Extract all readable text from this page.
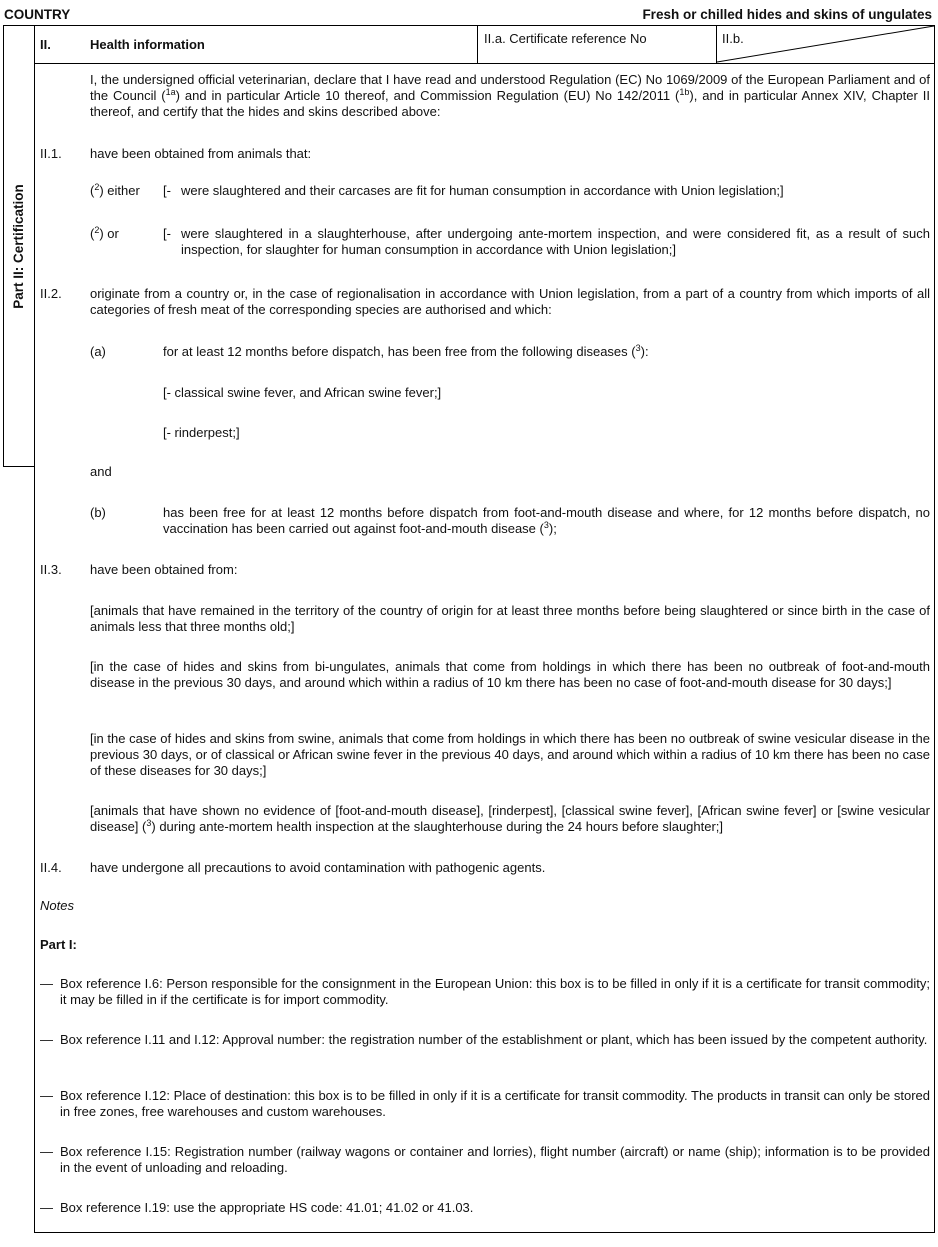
COUNTRY	Fresh or chilled hides and skins of ungulates
Part II: Certification
II.	Health information	II.a. Certificate reference No	II.b.
I, the undersigned official veterinarian, declare that I have read and understood Regulation (EC) No 1069/2009 of the European Parliament and of the Council ($^{1a}$) and in particular Article 10 thereof, and Commission Regulation (EU) No 142/2011 ($^{1b}$), and in particular Annex XIV, Chapter II thereof, and certify that the hides and skins described above:
II.1. have been obtained from animals that:
($^2$) either [- were slaughtered and their carcases are fit for human consumption in accordance with Union legislation;]
($^2$) or	[- were slaughtered in a slaughterhouse, after undergoing ante-mortem inspection, and were considered fit, as a result of such inspection, for slaughter for human consumption in accordance with Union legislation;]
II.2. originate from a country or, in the case of regionalisation in accordance with Union legislation, from a part of a country from which imports of all categories of fresh meat of the corresponding species are authorised and which:
(a)	for at least 12 months before dispatch, has been free from the following diseases ($^3$):
[- classical swine fever, and African swine fever;]
[- rinderpest;]
and
(b)	has been free for at least 12 months before dispatch from foot-and-mouth disease and where, for 12 months before dispatch, no vaccination has been carried out against foot-and-mouth disease ($^3$);
II.3. have been obtained from:
[animals that have remained in the territory of the country of origin for at least three months before being slaughtered or since birth in the case of animals less that three months old;]
[in the case of hides and skins from bi-ungulates, animals that come from holdings in which there has been no outbreak of foot-and-mouth disease in the previous 30 days, and around which within a radius of 10 km there has been no case of foot-and-mouth disease for 30 days;]
[in the case of hides and skins from swine, animals that come from holdings in which there has been no outbreak of swine vesicular disease in the previous 30 days, or of classical or African swine fever in the previous 40 days, and around which within a radius of 10 km there has been no case of these diseases for 30 days;]
[animals that have shown no evidence of [foot-and-mouth disease], [rinderpest], [classical swine fever], [African swine fever] or [swine vesicular disease] ($^3$) during ante-mortem health inspection at the slaughterhouse during the 24 hours before slaughter;]
II.4. have undergone all precautions to avoid contamination with pathogenic agents.
Notes
Part I:
— Box reference I.6: Person responsible for the consignment in the European Union: this box is to be filled in only if it is a certificate for transit commodity; it may be filled in if the certificate is for import commodity.
— Box reference I.11 and I.12: Approval number: the registration number of the establishment or plant, which has been issued by the competent authority.
— Box reference I.12: Place of destination: this box is to be filled in only if it is a certificate for transit commodity. The products in transit can only be stored in free zones, free warehouses and custom warehouses.
— Box reference I.15: Registration number (railway wagons or container and lorries), flight number (aircraft) or name (ship); information is to be provided in the event of unloading and reloading.
— Box reference I.19: use the appropriate HS code: 41.01; 41.02 or 41.03.
